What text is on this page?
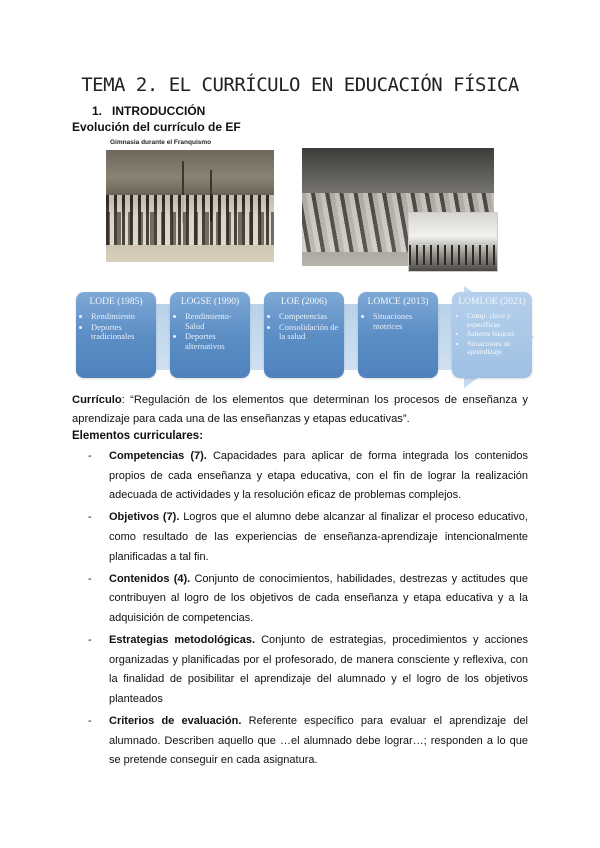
TEMA 2. EL CURRÍCULO EN EDUCACIÓN FÍSICA
1. INTRODUCCIÓN
Evolución del currículo de EF
Gimnasia durante el Franquismo
LODE (1985)
• Rendimiento
• Deportes tradicionales
LOGSE (1990)
• Rendimiento-Salud
• Deportes alternativos
LOE (2006)
• Competencias
• Consolidación de la salud
LOMCE (2013)
• Situaciones motrices
LOMLOE (2021)
• Comp. clave y específicas
• Saberes básicos
• Situaciones de aprendizaje

Currículo: “Regulación de los elementos que determinan los procesos de enseñanza y aprendizaje para cada una de las enseñanzas y etapas educativas”.

Elementos curriculares:
- Competencias (7). Capacidades para aplicar de forma integrada los contenidos propios de cada enseñanza y etapa educativa, con el fin de lograr la realización adecuada de actividades y la resolución eficaz de problemas complejos.
- Objetivos (7). Logros que el alumno debe alcanzar al finalizar el proceso educativo, como resultado de las experiencias de enseñanza-aprendizaje intencionalmente planificadas a tal fin.
- Contenidos (4). Conjunto de conocimientos, habilidades, destrezas y actitudes que contribuyen al logro de los objetivos de cada enseñanza y etapa educativa y a la adquisición de competencias.
- Estrategias metodológicas. Conjunto de estrategias, procedimientos y acciones organizadas y planificadas por el profesorado, de manera consciente y reflexiva, con la finalidad de posibilitar el aprendizaje del alumnado y el logro de los objetivos planteados
- Criterios de evaluación. Referente específico para evaluar el aprendizaje del alumnado. Describen aquello que …el alumnado debe lograr…; responden a lo que se pretende conseguir en cada asignatura.
